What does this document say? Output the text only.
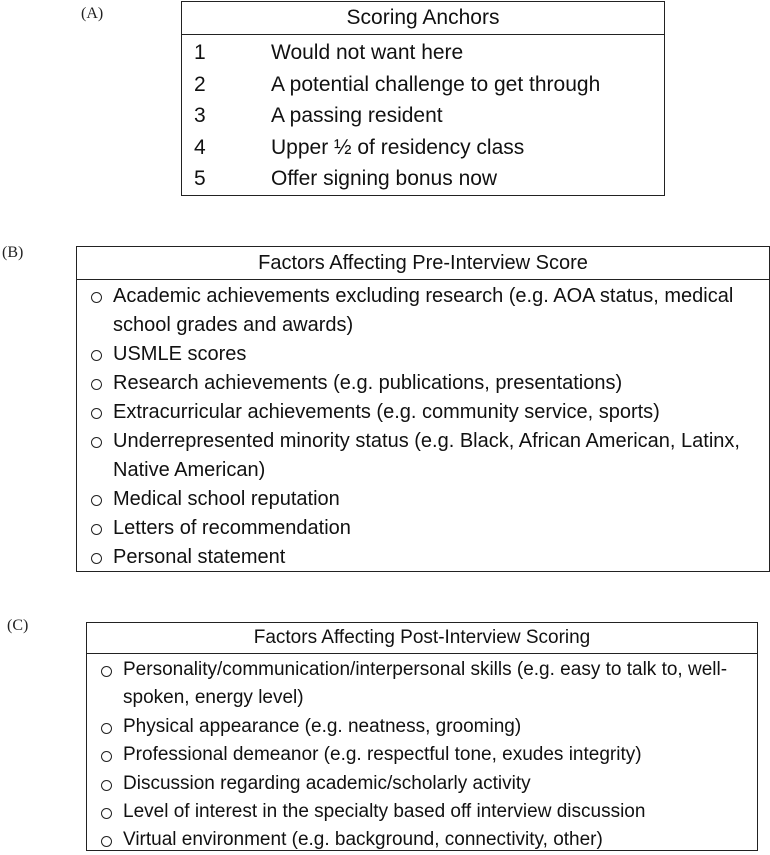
(A)	Scoring Anchors
1	Would not want here
2	A potential challenge to get through
3	A passing resident
4	Upper ½ of residency class
5	Offer signing bonus now
(B)	Factors Affecting Pre-Interview Score
Academic achievements excluding research (e.g. AOA status, medical school grades and awards)
USMLE scores
Research achievements (e.g. publications, presentations)
Extracurricular achievements (e.g. community service, sports)
Underrepresented minority status (e.g. Black, African American, Latinx, Native American)
Medical school reputation
Letters of recommendation
Personal statement
(C)
Factors Affecting Post-Interview Scoring
Personality/communication/interpersonal skills (e.g. easy to talk to, well-spoken, energy level)
Physical appearance (e.g. neatness, grooming)
Professional demeanor (e.g. respectful tone, exudes integrity)
Discussion regarding academic/scholarly activity
Level of interest in the specialty based off interview discussion
Virtual environment (e.g. background, connectivity, other)
